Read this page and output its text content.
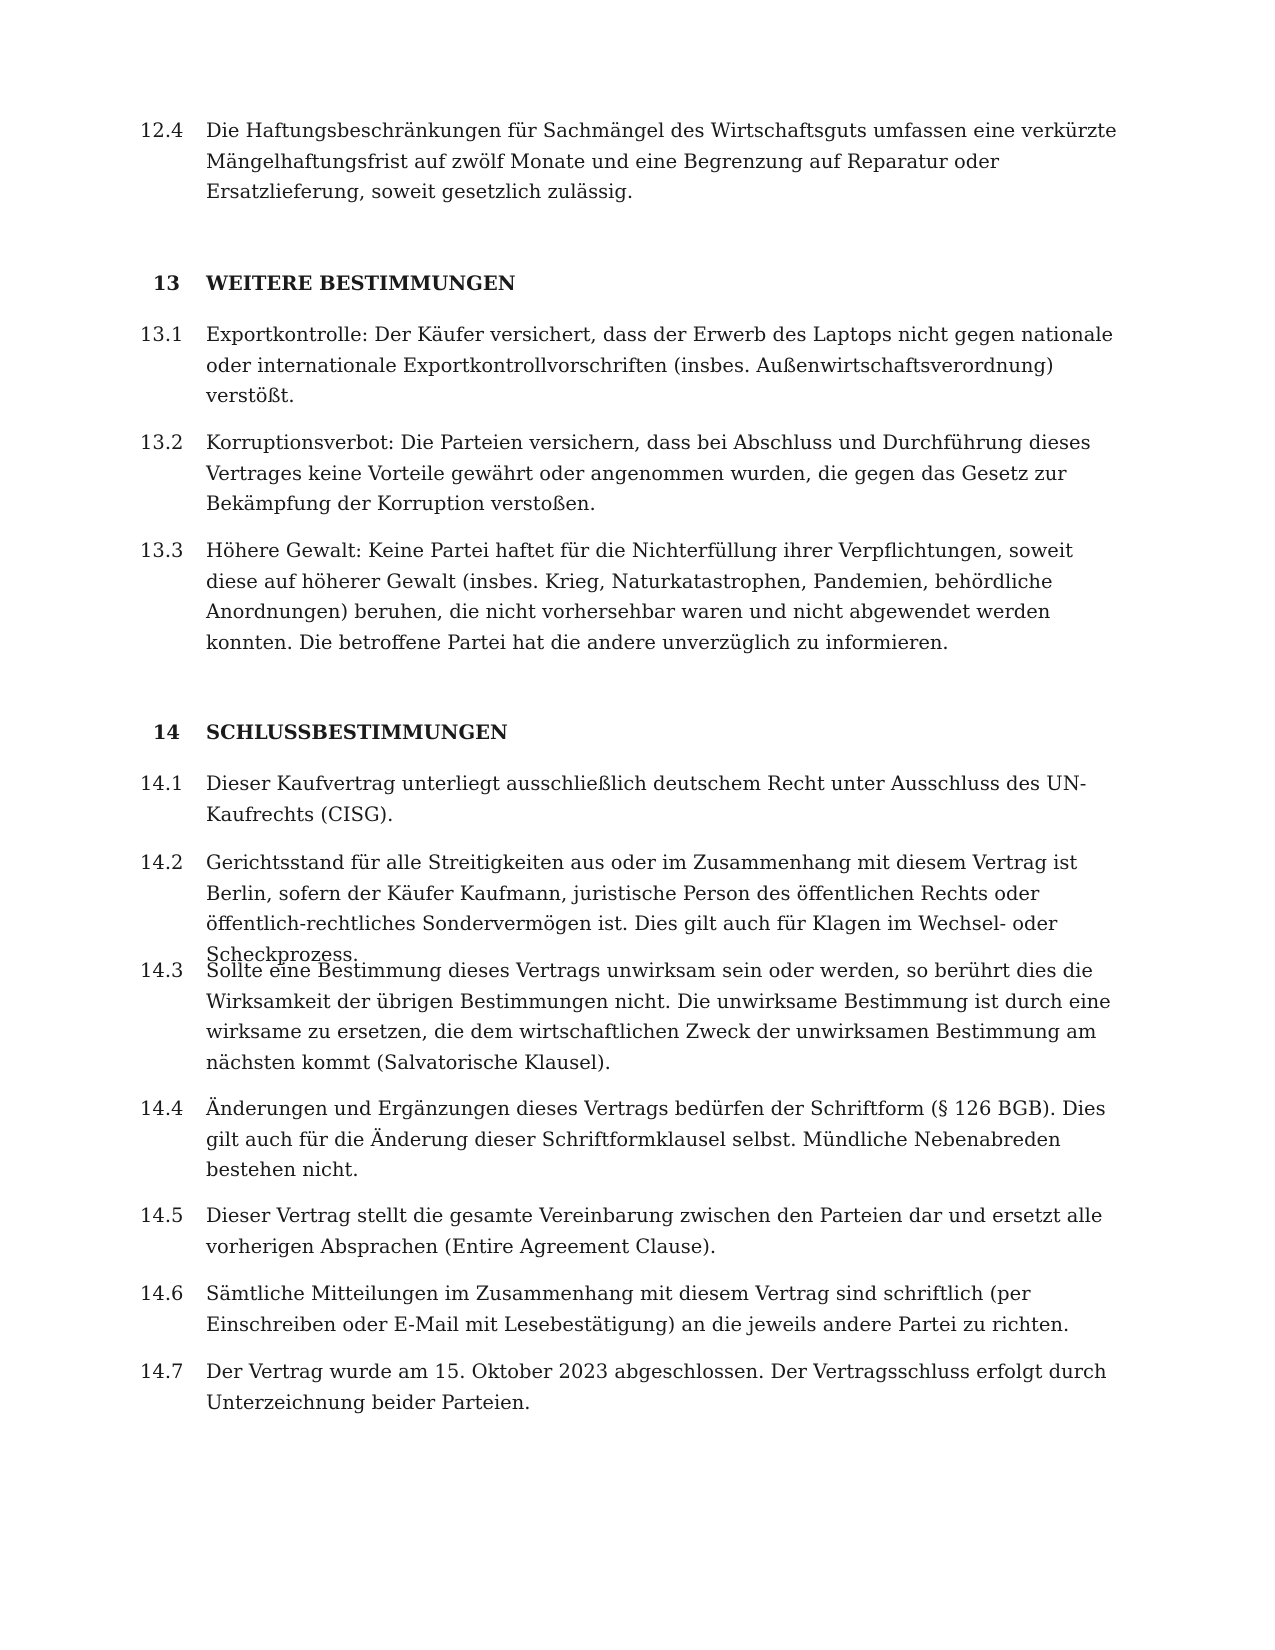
12.4	Die Haftungsbeschränkungen für Sachmängel des Wirtschaftsguts umfassen eine verkürzte Mängelhaftungsfrist auf zwölf Monate und eine Begrenzung auf Reparatur oder Ersatzlieferung, soweit gesetzlich zulässig.
13	WEITERE BESTIMMUNGEN
13.1	Exportkontrolle: Der Käufer versichert, dass der Erwerb des Laptops nicht gegen nationale oder internationale Exportkontrollvorschriften (insbes. Außenwirtschaftsverordnung) verstößt.
13.2	Korruptionsverbot: Die Parteien versichern, dass bei Abschluss und Durchführung dieses Vertrages keine Vorteile gewährt oder angenommen wurden, die gegen das Gesetz zur Bekämpfung der Korruption verstoßen.
13.3	Höhere Gewalt: Keine Partei haftet für die Nichterfüllung ihrer Verpflichtungen, soweit diese auf höherer Gewalt (insbes. Krieg, Naturkatastrophen, Pandemien, behördliche Anordnungen) beruhen, die nicht vorhersehbar waren und nicht abgewendet werden konnten. Die betroffene Partei hat die andere unverzüglich zu informieren.
14	SCHLUSSBESTIMMUNGEN
14.1	Dieser Kaufvertrag unterliegt ausschließlich deutschem Recht unter Ausschluss des UN-Kaufrechts (CISG).
14.2	Gerichtsstand für alle Streitigkeiten aus oder im Zusammenhang mit diesem Vertrag ist Berlin, sofern der Käufer Kaufmann, juristische Person des öffentlichen Rechts oder öffentlich-rechtliches Sondervermögen ist. Dies gilt auch für Klagen im Wechsel- oder Scheckprozess.
14.3	Sollte eine Bestimmung dieses Vertrags unwirksam sein oder werden, so berührt dies die Wirksamkeit der übrigen Bestimmungen nicht. Die unwirksame Bestimmung ist durch eine wirksame zu ersetzen, die dem wirtschaftlichen Zweck der unwirksamen Bestimmung am nächsten kommt (Salvatorische Klausel).
14.4	Änderungen und Ergänzungen dieses Vertrags bedürfen der Schriftform (§ 126 BGB). Dies gilt auch für die Änderung dieser Schriftformklausel selbst. Mündliche Nebenabreden bestehen nicht.
14.5	Dieser Vertrag stellt die gesamte Vereinbarung zwischen den Parteien dar und ersetzt alle vorherigen Absprachen (Entire Agreement Clause).
14.6	Sämtliche Mitteilungen im Zusammenhang mit diesem Vertrag sind schriftlich (per Einschreiben oder E-Mail mit Lesebestätigung) an die jeweils andere Partei zu richten.
14.7	Der Vertrag wurde am 15. Oktober 2023 abgeschlossen. Der Vertragsschluss erfolgt durch Unterzeichnung beider Parteien.
